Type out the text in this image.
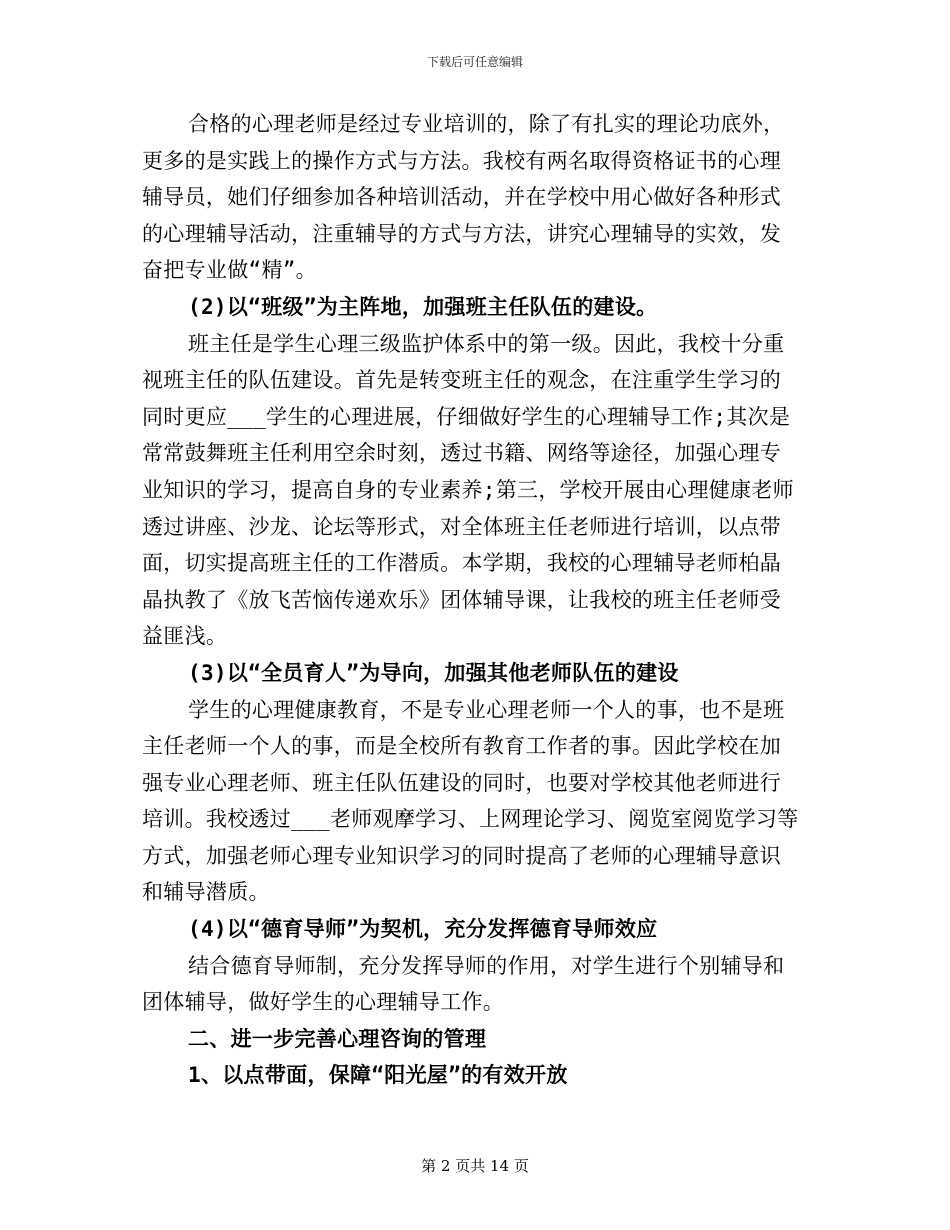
下载后可任意编辑
合格的心理老师是经过专业培训的，除了有扎实的理论功底外，
更多的是实践上的操作方式与方法。我校有两名取得资格证书的心理
辅导员，她们仔细参加各种培训活动，并在学校中用心做好各种形式
的心理辅导活动，注重辅导的方式与方法，讲究心理辅导的实效，发
奋把专业做“精”。
(2)以“班级”为主阵地，加强班主任队伍的建设。
班主任是学生心理三级监护体系中的第一级。因此，我校十分重
视班主任的队伍建设。首先是转变班主任的观念，在注重学生学习的
同时更应___学生的心理进展，仔细做好学生的心理辅导工作;其次是
常常鼓舞班主任利用空余时刻，透过书籍、网络等途径，加强心理专
业知识的学习，提高自身的专业素养;第三，学校开展由心理健康老师
透过讲座、沙龙、论坛等形式，对全体班主任老师进行培训，以点带
面，切实提高班主任的工作潜质。本学期，我校的心理辅导老师柏晶
晶执教了《放飞苦恼传递欢乐》团体辅导课，让我校的班主任老师受
益匪浅。
(3)以“全员育人”为导向，加强其他老师队伍的建设
学生的心理健康教育，不是专业心理老师一个人的事，也不是班
主任老师一个人的事，而是全校所有教育工作者的事。因此学校在加
强专业心理老师、班主任队伍建设的同时，也要对学校其他老师进行
培训。我校透过___老师观摩学习、上网理论学习、阅览室阅览学习等
方式，加强老师心理专业知识学习的同时提高了老师的心理辅导意识
和辅导潜质。
(4)以“德育导师”为契机，充分发挥德育导师效应
结合德育导师制，充分发挥导师的作用，对学生进行个别辅导和
团体辅导，做好学生的心理辅导工作。
二、进一步完善心理咨询的管理
1、以点带面，保障“阳光屋”的有效开放
第 2 页共 14 页
